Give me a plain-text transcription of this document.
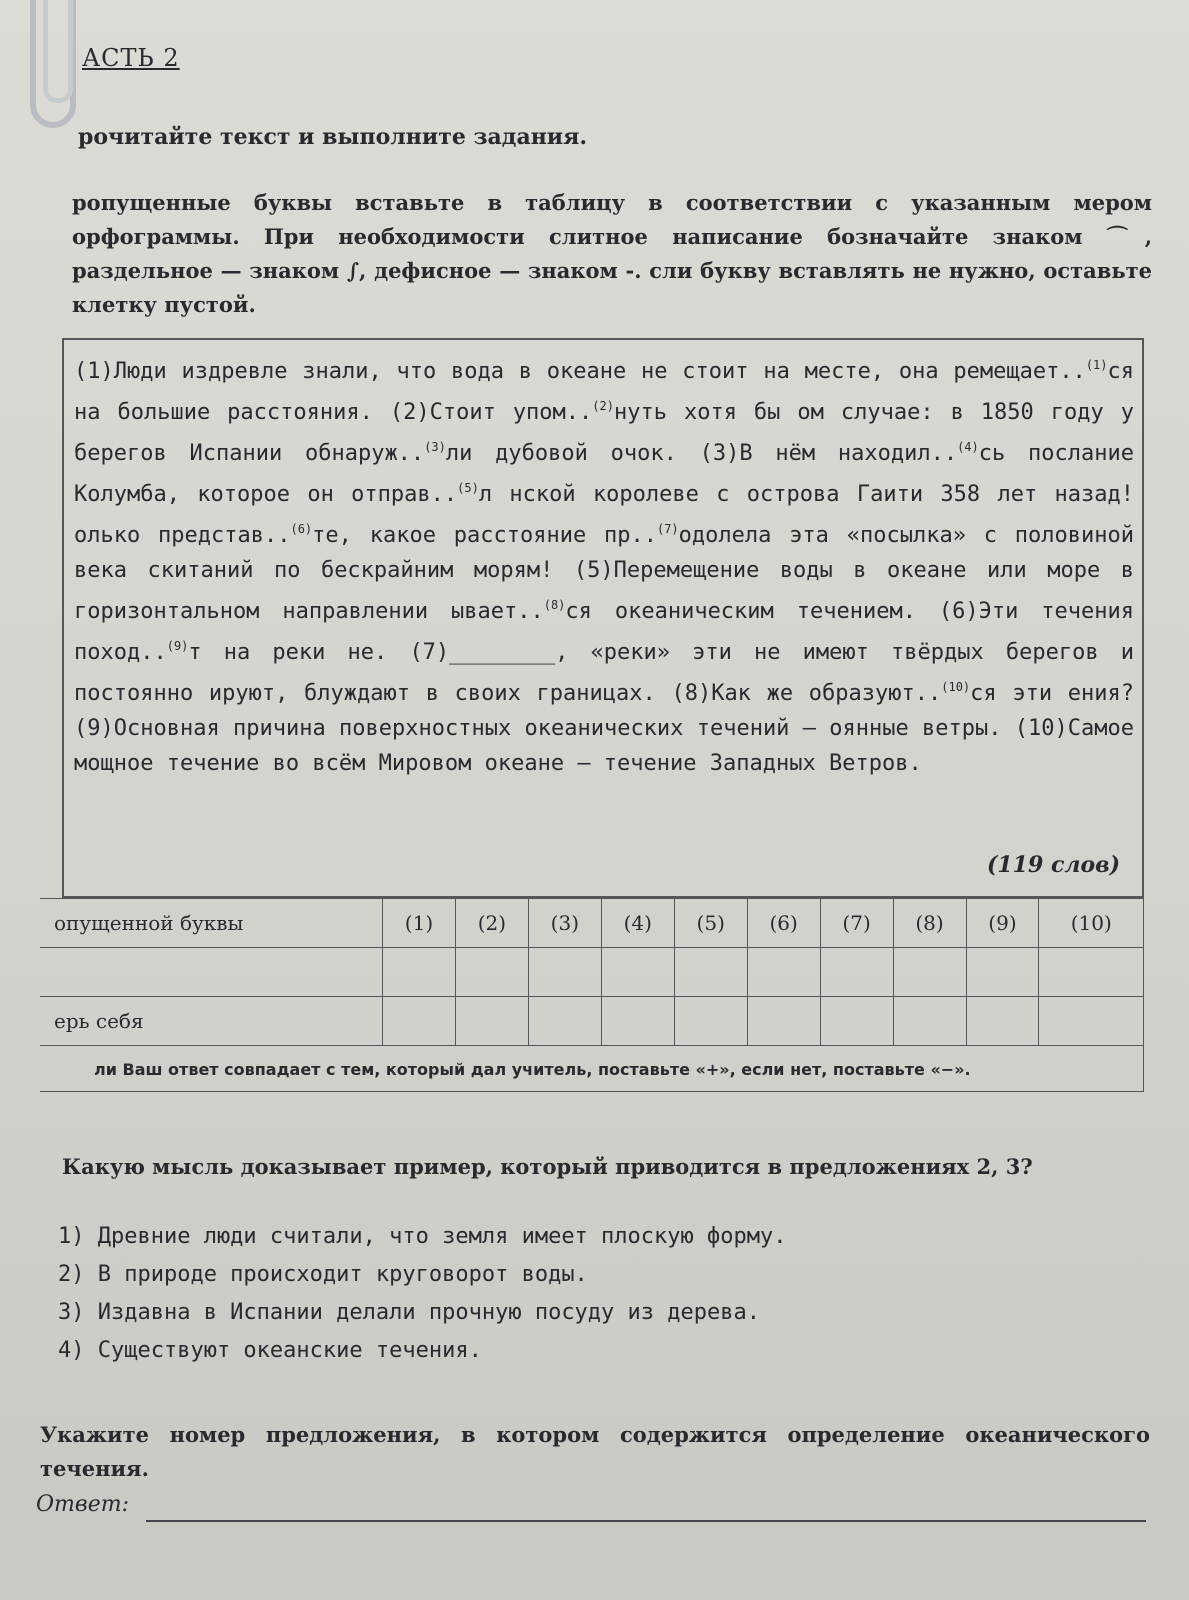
АСТЬ 2
рочитайте текст и выполните задания.
ропущенные буквы вставьте в таблицу в соответствии с указанным мером орфограммы. При необходимости слитное написание бозначайте знаком ⌒, раздельное — знаком ∫, дефисное — знаком -. сли букву вставлять не нужно, оставьте клетку пустой.
(1)Люди издревле знали, что вода в океане не стоит на месте, она ремещает..$^{(1)}$ся на большие расстояния. (2)Стоит упом..$^{(2)}$нуть хотя бы ом случае: в 1850 году у берегов Испании обнаруж..$^{(3)}$ли дубовой очок. (3)В нём находил..$^{(4)}$сь послание Колумба, которое он отправ..$^{(5)}$л нской королеве с острова Гаити 358 лет назад! олько представ..$^{(6)}$те, какое расстояние пр..$^{(7)}$одолела эта «посылка» с половиной века скитаний по бескрайним морям! (5)Перемещение воды в океане или море в горизонтальном направлении ывает..$^{(8)}$ся океаническим течением. (6)Эти течения поход..$^{(9)}$т на реки не. (7)________, «реки» эти не имеют твёрдых берегов и постоянно ируют, блуждают в своих границах. (8)Как же образуют..$^{(10)}$ся эти ения? (9)Основная причина поверхностных океанических течений — оянные ветры. (10)Самое мощное течение во всём Мировом океане — течение Западных Ветров.
(119 слов)
опущенной буквы	(1)	(2)	(3)	(4)	(5)	(6)	(7)	(8)	(9)	(10)

ерь себя										
ли Ваш ответ совпадает с тем, который дал учитель, поставьте «+», если нет, поставьте «−».
Какую мысль доказывает пример, который приводится в предложениях 2, 3?
1) Древние люди считали, что земля имеет плоскую форму.
2) В природе происходит круговорот воды.
3) Издавна в Испании делали прочную посуду из дерева.
4) Существуют океанские течения.
Укажите номер предложения, в котором содержится определение океанического течения.
Ответ:
